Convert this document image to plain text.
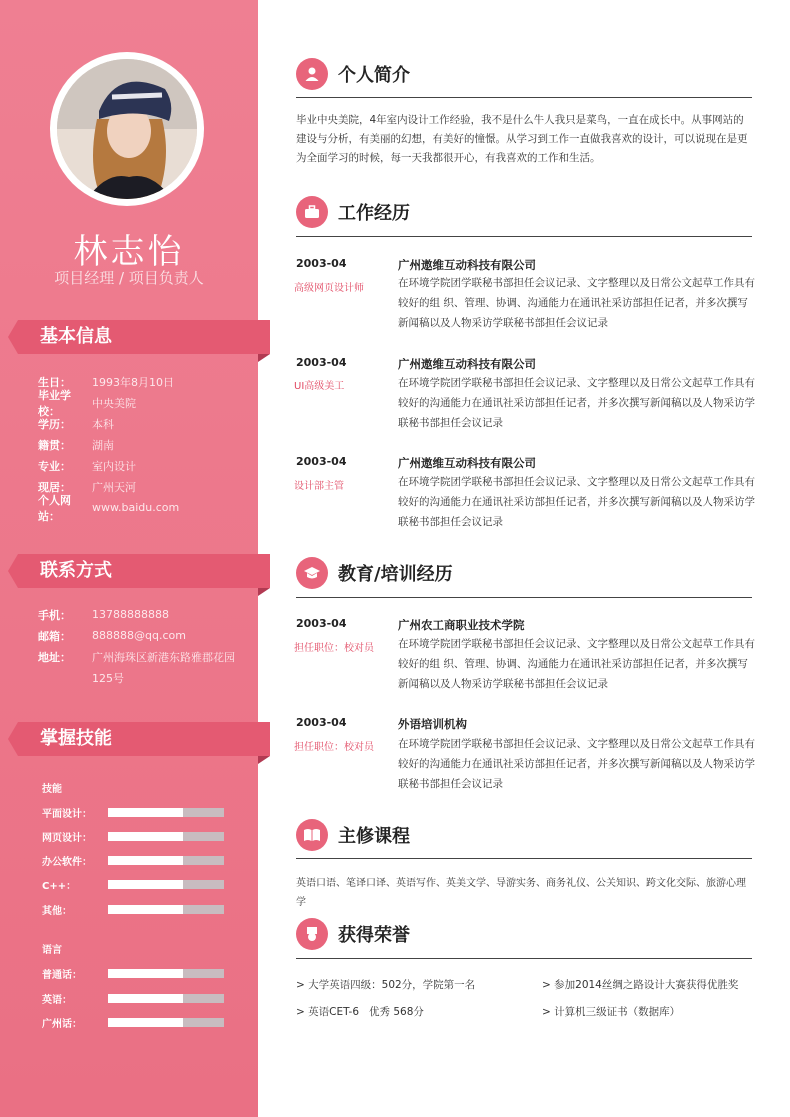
林志怡
项目经理 / 项目负责人
基本信息
生日：	1993年8月10日
毕业学校：
中央美院
学历：	本科
籍贯：	湖南
专业：	室内设计
现居：	广州天河
个人网站：
www.baidu.com
联系方式
手机：	13788888888
邮箱：	888888@qq.com
地址：	广州海珠区新港东路雅郡花园
125号
掌握技能
技能
平面设计：
网页设计：
办公软件：
C++：
其他：
语言
普通话：
英语：
广州话：
个人简介
毕业中央美院，4年室内设计工作经验，我不是什么牛人我只是菜鸟，一直在成长中。从事网站的建设与分析，有美丽的幻想，有美好的憧憬。从学习到工作一直做我喜欢的设计，可以说现在是更为全面学习的时候，每一天我都很开心，有我喜欢的工作和生活。
工作经历
2003-04
高级网页设计师
广州遨维互动科技有限公司
在环境学院团学联秘书部担任会议记录、文字整理以及日常公文起草工作具有较好的组 织、管理、协调、沟通能力在通讯社采访部担任记者，并多次撰写新闻稿以及人物采访学联秘书部担任会议记录
2003-04
UI高级美工
广州遨维互动科技有限公司
在环境学院团学联秘书部担任会议记录、文字整理以及日常公文起草工作具有较好的沟通能力在通讯社采访部担任记者，并多次撰写新闻稿以及人物采访学联秘书部担任会议记录
2003-04
设计部主管
广州遨维互动科技有限公司
在环境学院团学联秘书部担任会议记录、文字整理以及日常公文起草工作具有较好的沟通能力在通讯社采访部担任记者，并多次撰写新闻稿以及人物采访学联秘书部担任会议记录
教育/培训经历
2003-04
担任职位：校对员
广州农工商职业技术学院
在环境学院团学联秘书部担任会议记录、文字整理以及日常公文起草工作具有较好的组 织、管理、协调、沟通能力在通讯社采访部担任记者，并多次撰写新闻稿以及人物采访学联秘书部担任会议记录
2003-04
担任职位：校对员
外语培训机构
在环境学院团学联秘书部担任会议记录、文字整理以及日常公文起草工作具有较好的沟通能力在通讯社采访部担任记者，并多次撰写新闻稿以及人物采访学联秘书部担任会议记录
主修课程
英语口语、笔译口译、英语写作、英美文学、导游实务、商务礼仪、公关知识、跨文化交际、旅游心理学
获得荣誉
> 大学英语四级：502分，学院第一名	> 参加2014丝绸之路设计大赛获得优胜奖
> 英语CET-6   优秀 568分	> 计算机三级证书（数据库）
